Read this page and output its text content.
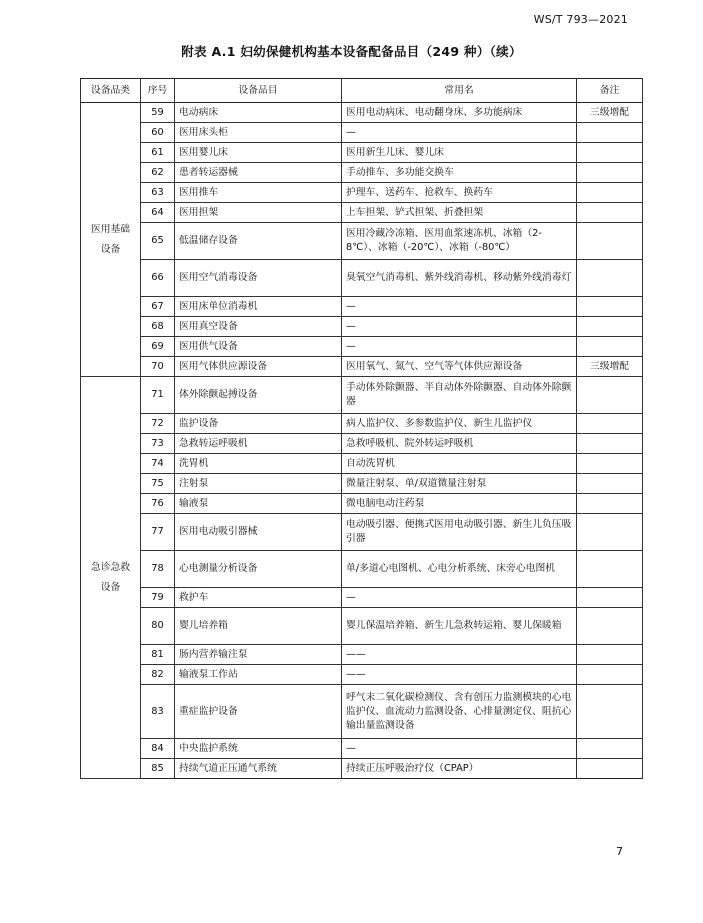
WS/T 793—2021
附表 A.1 妇幼保健机构基本设备配备品目（249 种）（续）
设备品类	序号	设备品目	常用名	备注
医用基础
设备	59	电动病床	医用电动病床、电动翻身床、多功能病床	三级增配
	60	医用床头柜	—	
	61	医用婴儿床	医用新生儿床、婴儿床	
	62	患者转运器械	手动推车、多功能交换车	
	63	医用推车	护理车、送药车、抢救车、换药车	
	64	医用担架	上车担架、铲式担架、折叠担架	
	65	低温储存设备	医用冷藏冷冻箱、医用血浆速冻机、冰箱（2-8℃）、冰箱（-20℃）、冰箱（-80℃）	
	66	医用空气消毒设备	臭氧空气消毒机、紫外线消毒机、移动紫外线消毒灯	
	67	医用床单位消毒机	—	
	68	医用真空设备	—	
	69	医用供气设备	—	
	70	医用气体供应源设备	医用氧气、氮气、空气等气体供应源设备	三级增配
急诊急救
设备	71	体外除颤起搏设备	手动体外除颤器、半自动体外除颤器、自动体外除颤器	
	72	监护设备	病人监护仪、多参数监护仪、新生儿监护仪	
	73	急救转运呼吸机	急救呼吸机、院外转运呼吸机	
	74	洗胃机	自动洗胃机	
	75	注射泵	微量注射泵、单/双道微量注射泵	
	76	输液泵	微电脑电动注药泵	
	77	医用电动吸引器械	电动吸引器、便携式医用电动吸引器、新生儿负压吸引器	
	78	心电测量分析设备	单/多道心电图机、心电分析系统、床旁心电图机	
	79	救护车	—	
	80	婴儿培养箱	婴儿保温培养箱、新生儿急救转运箱、婴儿保暖箱	
	81	肠内营养输注泵	——	
	82	输液泵工作站	——	
	83	重症监护设备	呼气末二氧化碳检测仪、含有创压力监测模块的心电监护仪、血流动力监测设备、心排量测定仪、阻抗心输出量监测设备	
	84	中央监护系统	—	
	85	持续气道正压通气系统	持续正压呼吸治疗仪（CPAP）	
7
